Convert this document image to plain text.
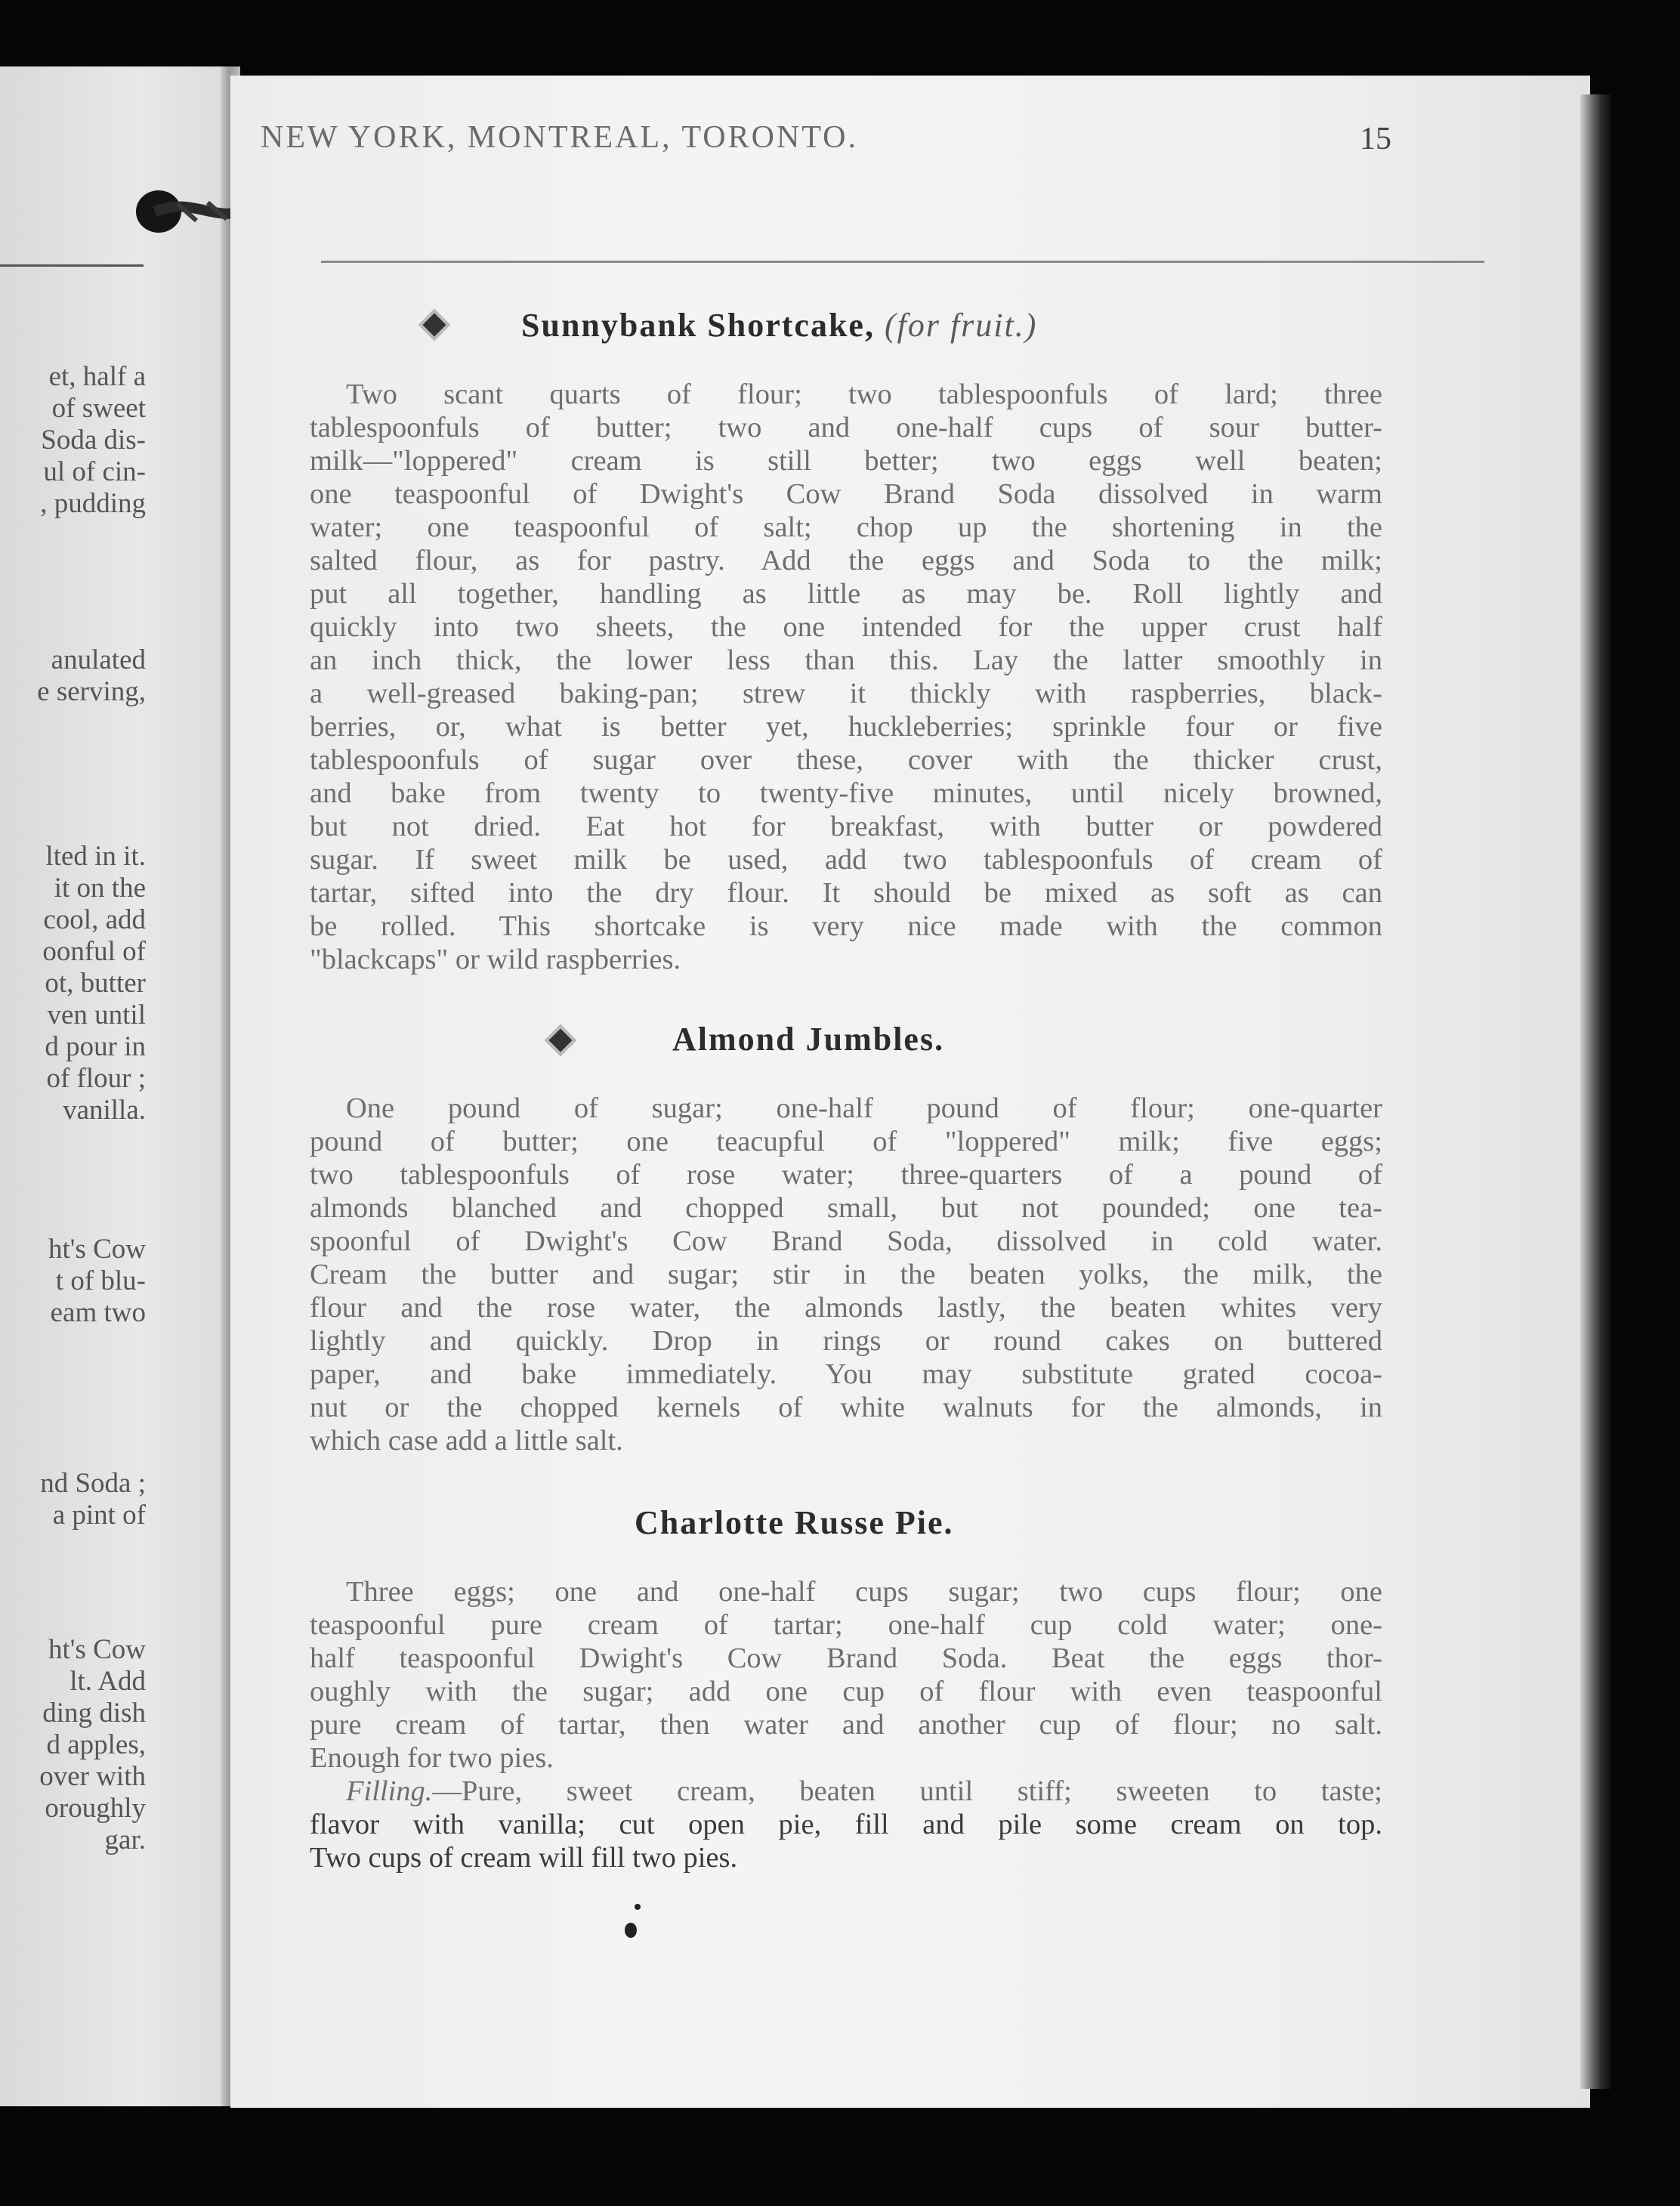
et, half a
of sweet
Soda dis-
ul of cin-
, pudding
anulated
e serving,
lted in it.
it on the
cool, add
oonful of
ot, butter
ven until
d pour in
of flour ;
vanilla.
ht's Cow
t of blu-
eam two
nd Soda ;
a pint of
ht's Cow
lt. Add
ding dish
d apples,
over with
oroughly
gar.
NEW YORK, MONTREAL, TORONTO.	15
Sunnybank Shortcake, (for fruit.)
Two scant quarts of flour; two tablespoonfuls of lard; three
tablespoonfuls of butter; two and one-half cups of sour butter-
milk—"loppered" cream is still better; two eggs well beaten;
one teaspoonful of Dwight's Cow Brand Soda dissolved in warm
water; one teaspoonful of salt; chop up the shortening in the
salted flour, as for pastry. Add the eggs and Soda to the milk;
put all together, handling as little as may be. Roll lightly and
quickly into two sheets, the one intended for the upper crust half
an inch thick, the lower less than this. Lay the latter smoothly in
a well-greased baking-pan; strew it thickly with raspberries, black-
berries, or, what is better yet, huckleberries; sprinkle four or five
tablespoonfuls of sugar over these, cover with the thicker crust,
and bake from twenty to twenty-five minutes, until nicely browned,
but not dried. Eat hot for breakfast, with butter or powdered
sugar. If sweet milk be used, add two tablespoonfuls of cream of
tartar, sifted into the dry flour. It should be mixed as soft as can
be rolled. This shortcake is very nice made with the common
"blackcaps" or wild raspberries.
Almond Jumbles.
One pound of sugar; one-half pound of flour; one-quarter
pound of butter; one teacupful of "loppered" milk; five eggs;
two tablespoonfuls of rose water; three-quarters of a pound of
almonds blanched and chopped small, but not pounded; one tea-
spoonful of Dwight's Cow Brand Soda, dissolved in cold water.
Cream the butter and sugar; stir in the beaten yolks, the milk, the
flour and the rose water, the almonds lastly, the beaten whites very
lightly and quickly. Drop in rings or round cakes on buttered
paper, and bake immediately. You may substitute grated cocoa-
nut or the chopped kernels of white walnuts for the almonds, in
which case add a little salt.
Charlotte Russe Pie.
Three eggs; one and one-half cups sugar; two cups flour; one
teaspoonful pure cream of tartar; one-half cup cold water; one-
half teaspoonful Dwight's Cow Brand Soda. Beat the eggs thor-
oughly with the sugar; add one cup of flour with even teaspoonful
pure cream of tartar, then water and another cup of flour; no salt.
Enough for two pies.
Filling.—Pure, sweet cream, beaten until stiff; sweeten to taste;
flavor with vanilla; cut open pie, fill and pile some cream on top.
Two cups of cream will fill two pies.
